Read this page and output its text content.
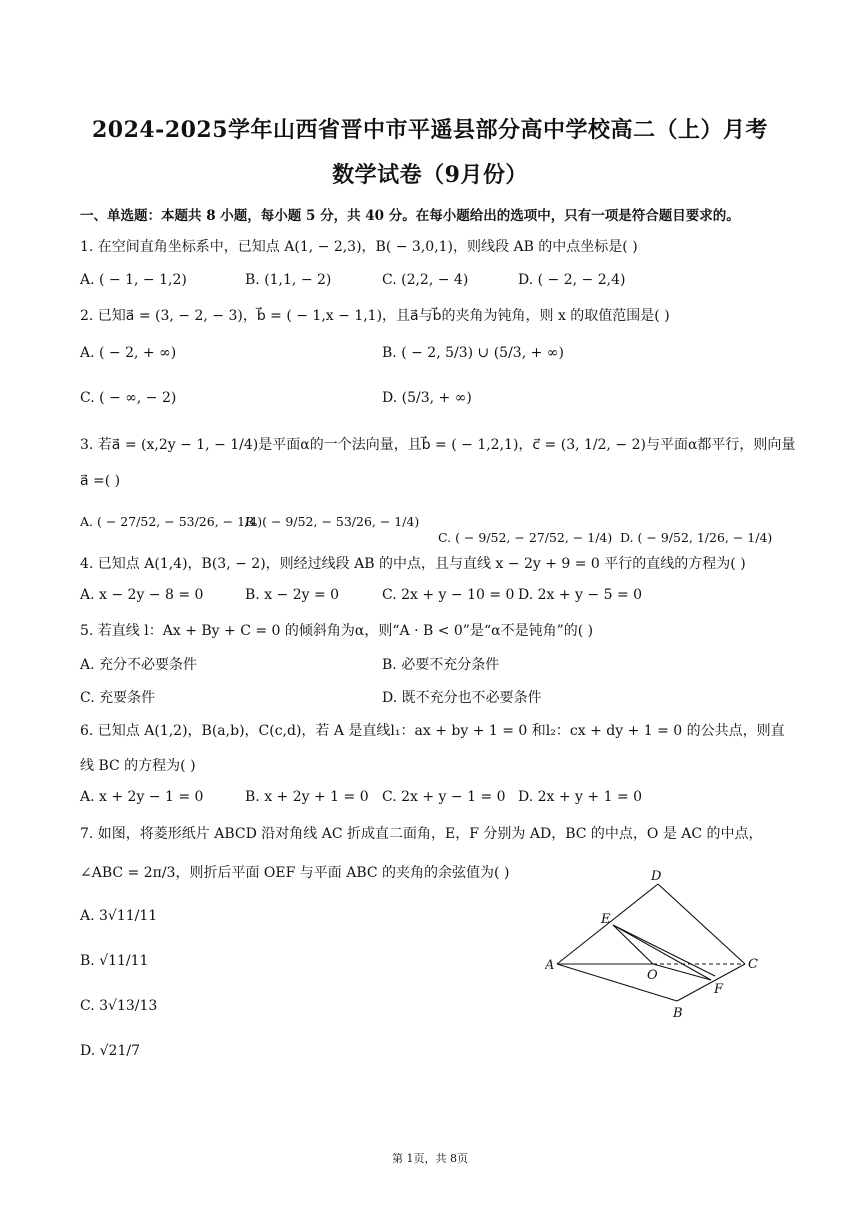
2024-2025学年山西省晋中市平遥县部分高中学校高二（上）月考
数学试卷（9月份）
一、单选题：本题共 8 小题，每小题 5 分，共 40 分。在每小题给出的选项中，只有一项是符合题目要求的。
1. 在空间直角坐标系中，已知点 A(1, − 2,3)，B( − 3,0,1)，则线段 AB 的中点坐标是( )
A. ( − 1, − 1,2)	B. (1,1, − 2)	C. (2,2, − 4)	D. ( − 2, − 2,4)
2. 已知a⃗ = (3, − 2, − 3)，b⃗ = ( − 1,x − 1,1)，且a⃗与b⃗的夹角为钝角，则 x 的取值范围是( )
A. ( − 2, + ∞)	B. ( − 2, 5/3) ∪ (5/3, + ∞)
C. ( − ∞, − 2)	D. (5/3, + ∞)
3. 若a⃗ = (x,2y − 1, − 1/4)是平面α的一个法向量，且b⃗ = ( − 1,2,1)，c⃗ = (3, 1/2, − 2)与平面α都平行，则向量
a⃗ =( )
A. ( − 27/52, − 53/26, − 1/4)
B. ( − 9/52, − 53/26, − 1/4)
C. ( − 9/52, − 27/52, − 1/4) D. ( − 9/52, 1/26, − 1/4)
4. 已知点 A(1,4)，B(3, − 2)，则经过线段 AB 的中点，且与直线 x − 2y + 9 = 0 平行的直线的方程为( )
A. x − 2y − 8 = 0	B. x − 2y = 0	C. 2x + y − 10 = 0 D. 2x + y − 5 = 0
5. 若直线 l：Ax + By + C = 0 的倾斜角为α，则“A · B < 0”是“α不是钝角”的( )
A. 充分不必要条件	B. 必要不充分条件
C. 充要条件	D. 既不充分也不必要条件
6. 已知点 A(1,2)，B(a,b)，C(c,d)，若 A 是直线l₁：ax + by + 1 = 0 和l₂：cx + dy + 1 = 0 的公共点，则直
线 BC 的方程为( )
A. x + 2y − 1 = 0	B. x + 2y + 1 = 0 C. 2x + y − 1 = 0 D. 2x + y + 1 = 0
7. 如图，将菱形纸片 ABCD 沿对角线 AC 折成直二面角，E，F 分别为 AD，BC 的中点，O 是 AC 的中点，
∠ABC = 2π/3，则折后平面 OEF 与平面 ABC 的夹角的余弦值为( )
A. 3√11/11
B. √11/11
C. 3√13/13
D. √21/7
D
E
A
O
C
F
B
第 1页，共 8页
